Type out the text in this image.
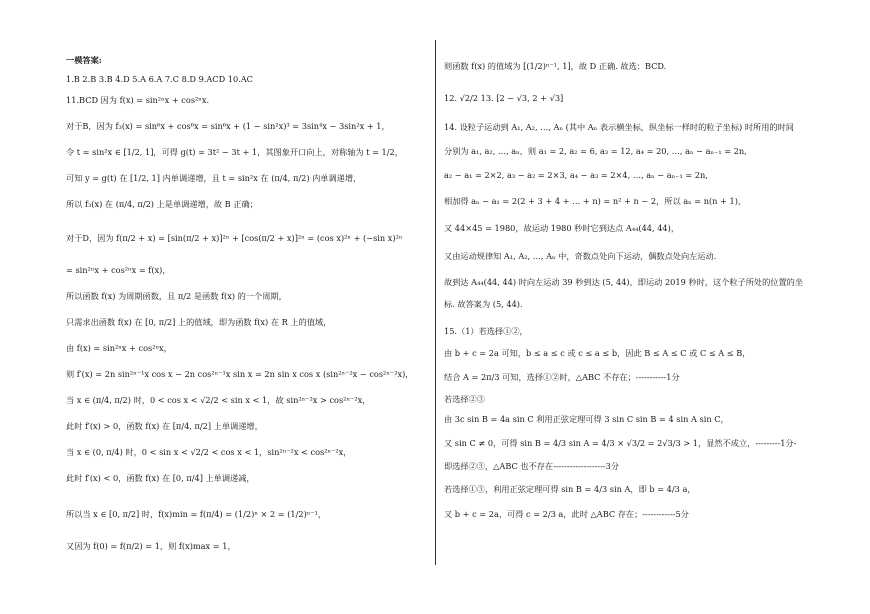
一模答案:
1.B 2.B 3.B 4.D 5.A 6.A 7.C 8.D 9.ACD 10.AC
11.BCD 因为 f(x) = sin²ⁿx + cos²ⁿx.
对于B，因为 f₃(x) = sin⁶x + cos⁶x = sin⁶x + (1 − sin²x)³ = 3sin⁴x − 3sin²x + 1，
令 t = sin²x ∈ [1/2, 1]，可得 g(t) = 3t² − 3t + 1，其图象开口向上，对称轴为 t = 1/2，
可知 y = g(t) 在 [1/2, 1] 内单调递增，且 t = sin²x 在 (π/4, π/2) 内单调递增，
所以 f₃(x) 在 (π/4, π/2) 上是单调递增，故 B 正确；
对于D，因为 f(π/2 + x) = [sin(π/2 + x)]²ⁿ + [cos(π/2 + x)]²ⁿ = (cos x)²ⁿ + (−sin x)²ⁿ
= sin²ⁿx + cos²ⁿx = f(x)，
所以函数 f(x) 为周期函数，且 π/2 是函数 f(x) 的一个周期，
只需求出函数 f(x) 在 [0, π/2] 上的值域，即为函数 f(x) 在 R 上的值域，
由 f(x) = sin²ⁿx + cos²ⁿx，
则 f′(x) = 2n sin²ⁿ⁻¹x cos x − 2n cos²ⁿ⁻¹x sin x = 2n sin x cos x (sin²ⁿ⁻²x − cos²ⁿ⁻²x)，
当 x ∈ (π/4, π/2) 时，0 < cos x < √2/2 < sin x < 1，故 sin²ⁿ⁻²x > cos²ⁿ⁻²x，
此时 f′(x) > 0，函数 f(x) 在 [π/4, π/2] 上单调递增，
当 x ∈ (0, π/4) 时，0 < sin x < √2/2 < cos x < 1，sin²ⁿ⁻²x < cos²ⁿ⁻²x，
此时 f′(x) < 0，函数 f(x) 在 [0, π/4] 上单调递减，
所以当 x ∈ [0, π/2] 时，f(x)min = f(π/4) = (1/2)ⁿ × 2 = (1/2)ⁿ⁻¹，
又因为 f(0) = f(π/2) = 1，则 f(x)max = 1，
则函数 f(x) 的值域为 [(1/2)ⁿ⁻¹, 1]，故 D 正确. 故选：BCD.
12. √2/2 13. [2 − √3, 2 + √3]
14. 设粒子运动到 A₁, A₂, …, Aₙ (其中 Aₙ 表示横坐标，纵坐标一样时的粒子坐标) 时所用的时间
分别为 a₁, a₂, …, aₙ，则 a₁ = 2, a₂ = 6, a₃ = 12, a₄ = 20, …, aₙ − aₙ₋₁ = 2n,
a₂ − a₁ = 2×2, a₃ − a₂ = 2×3, a₄ − a₃ = 2×4, …, aₙ − aₙ₋₁ = 2n,
相加得 aₙ − a₁ = 2(2 + 3 + 4 + … + n) = n² + n − 2，所以 aₙ = n(n + 1)，
又 44×45 = 1980，故运动 1980 秒时它到达点 A₄₄(44, 44)，
又由运动规律知 A₁, A₂, …, Aₙ 中，奇数点处向下运动，偶数点处向左运动.
故到达 A₄₄(44, 44) 时向左运动 39 秒到达 (5, 44)，即运动 2019 秒时，这个粒子所处的位置的坐
标. 故答案为 (5, 44).
15.（1）若选择①②，
由 b + c = 2a 可知，b ≤ a ≤ c 或 c ≤ a ≤ b，因此 B ≤ A ≤ C 或 C ≤ A ≤ B，
结合 A = 2π/3 可知，选择①②时，△ABC 不存在；-----------1分
若选择②③
由 3c sin B = 4a sin C 利用正弦定理可得 3 sin C sin B = 4 sin A sin C，
又 sin C ≠ 0，可得 sin B = 4/3 sin A = 4/3 × √3/2 = 2√3/3 > 1，显然不成立，---------1分-
即选择②③，△ABC 也不存在-------------------3分
若选择①③，利用正弦定理可得 sin B = 4/3 sin A，即 b = 4/3 a，
又 b + c = 2a，可得 c = 2/3 a，此时 △ABC 存在；------------5分
